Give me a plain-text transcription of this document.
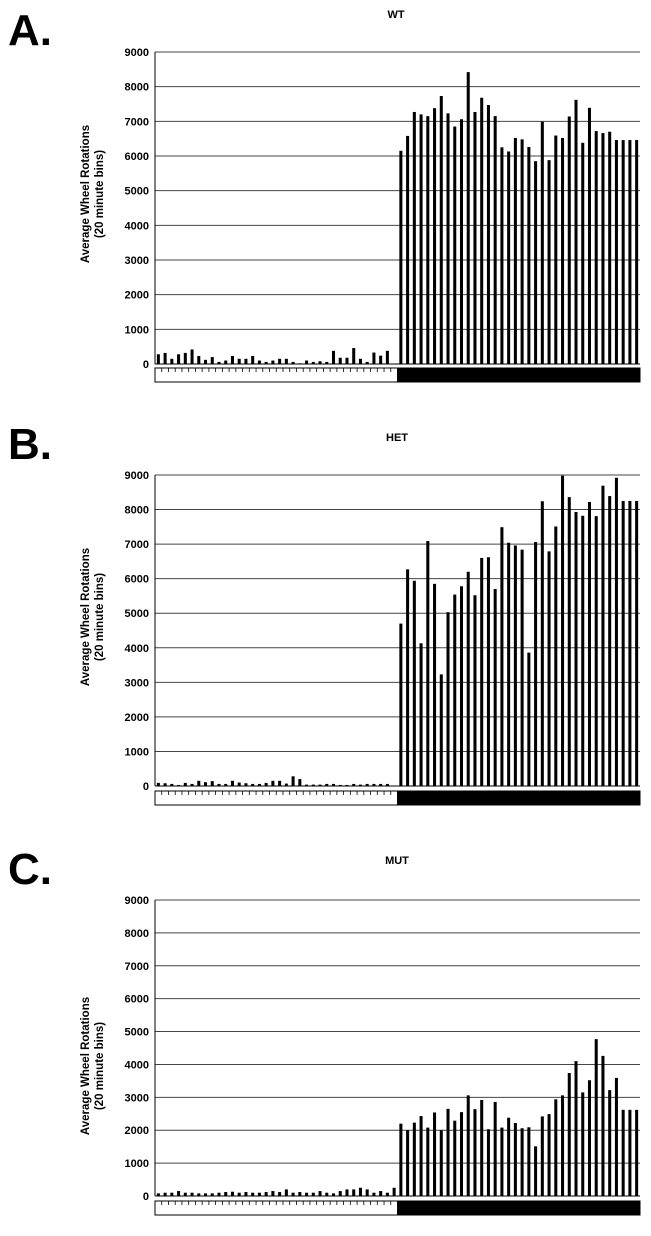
A.	WT
Average Wheel Rotations (20 minute bins)
0
1000
2000
3000
4000
5000
6000
7000
8000
9000
B.	HET
Average Wheel Rotations (20 minute bins)
0
1000
2000
3000
4000
5000
6000
7000
8000
9000
C.	MUT
Average Wheel Rotations (20 minute bins)
0
1000
2000
3000
4000
5000
6000
7000
8000
9000
